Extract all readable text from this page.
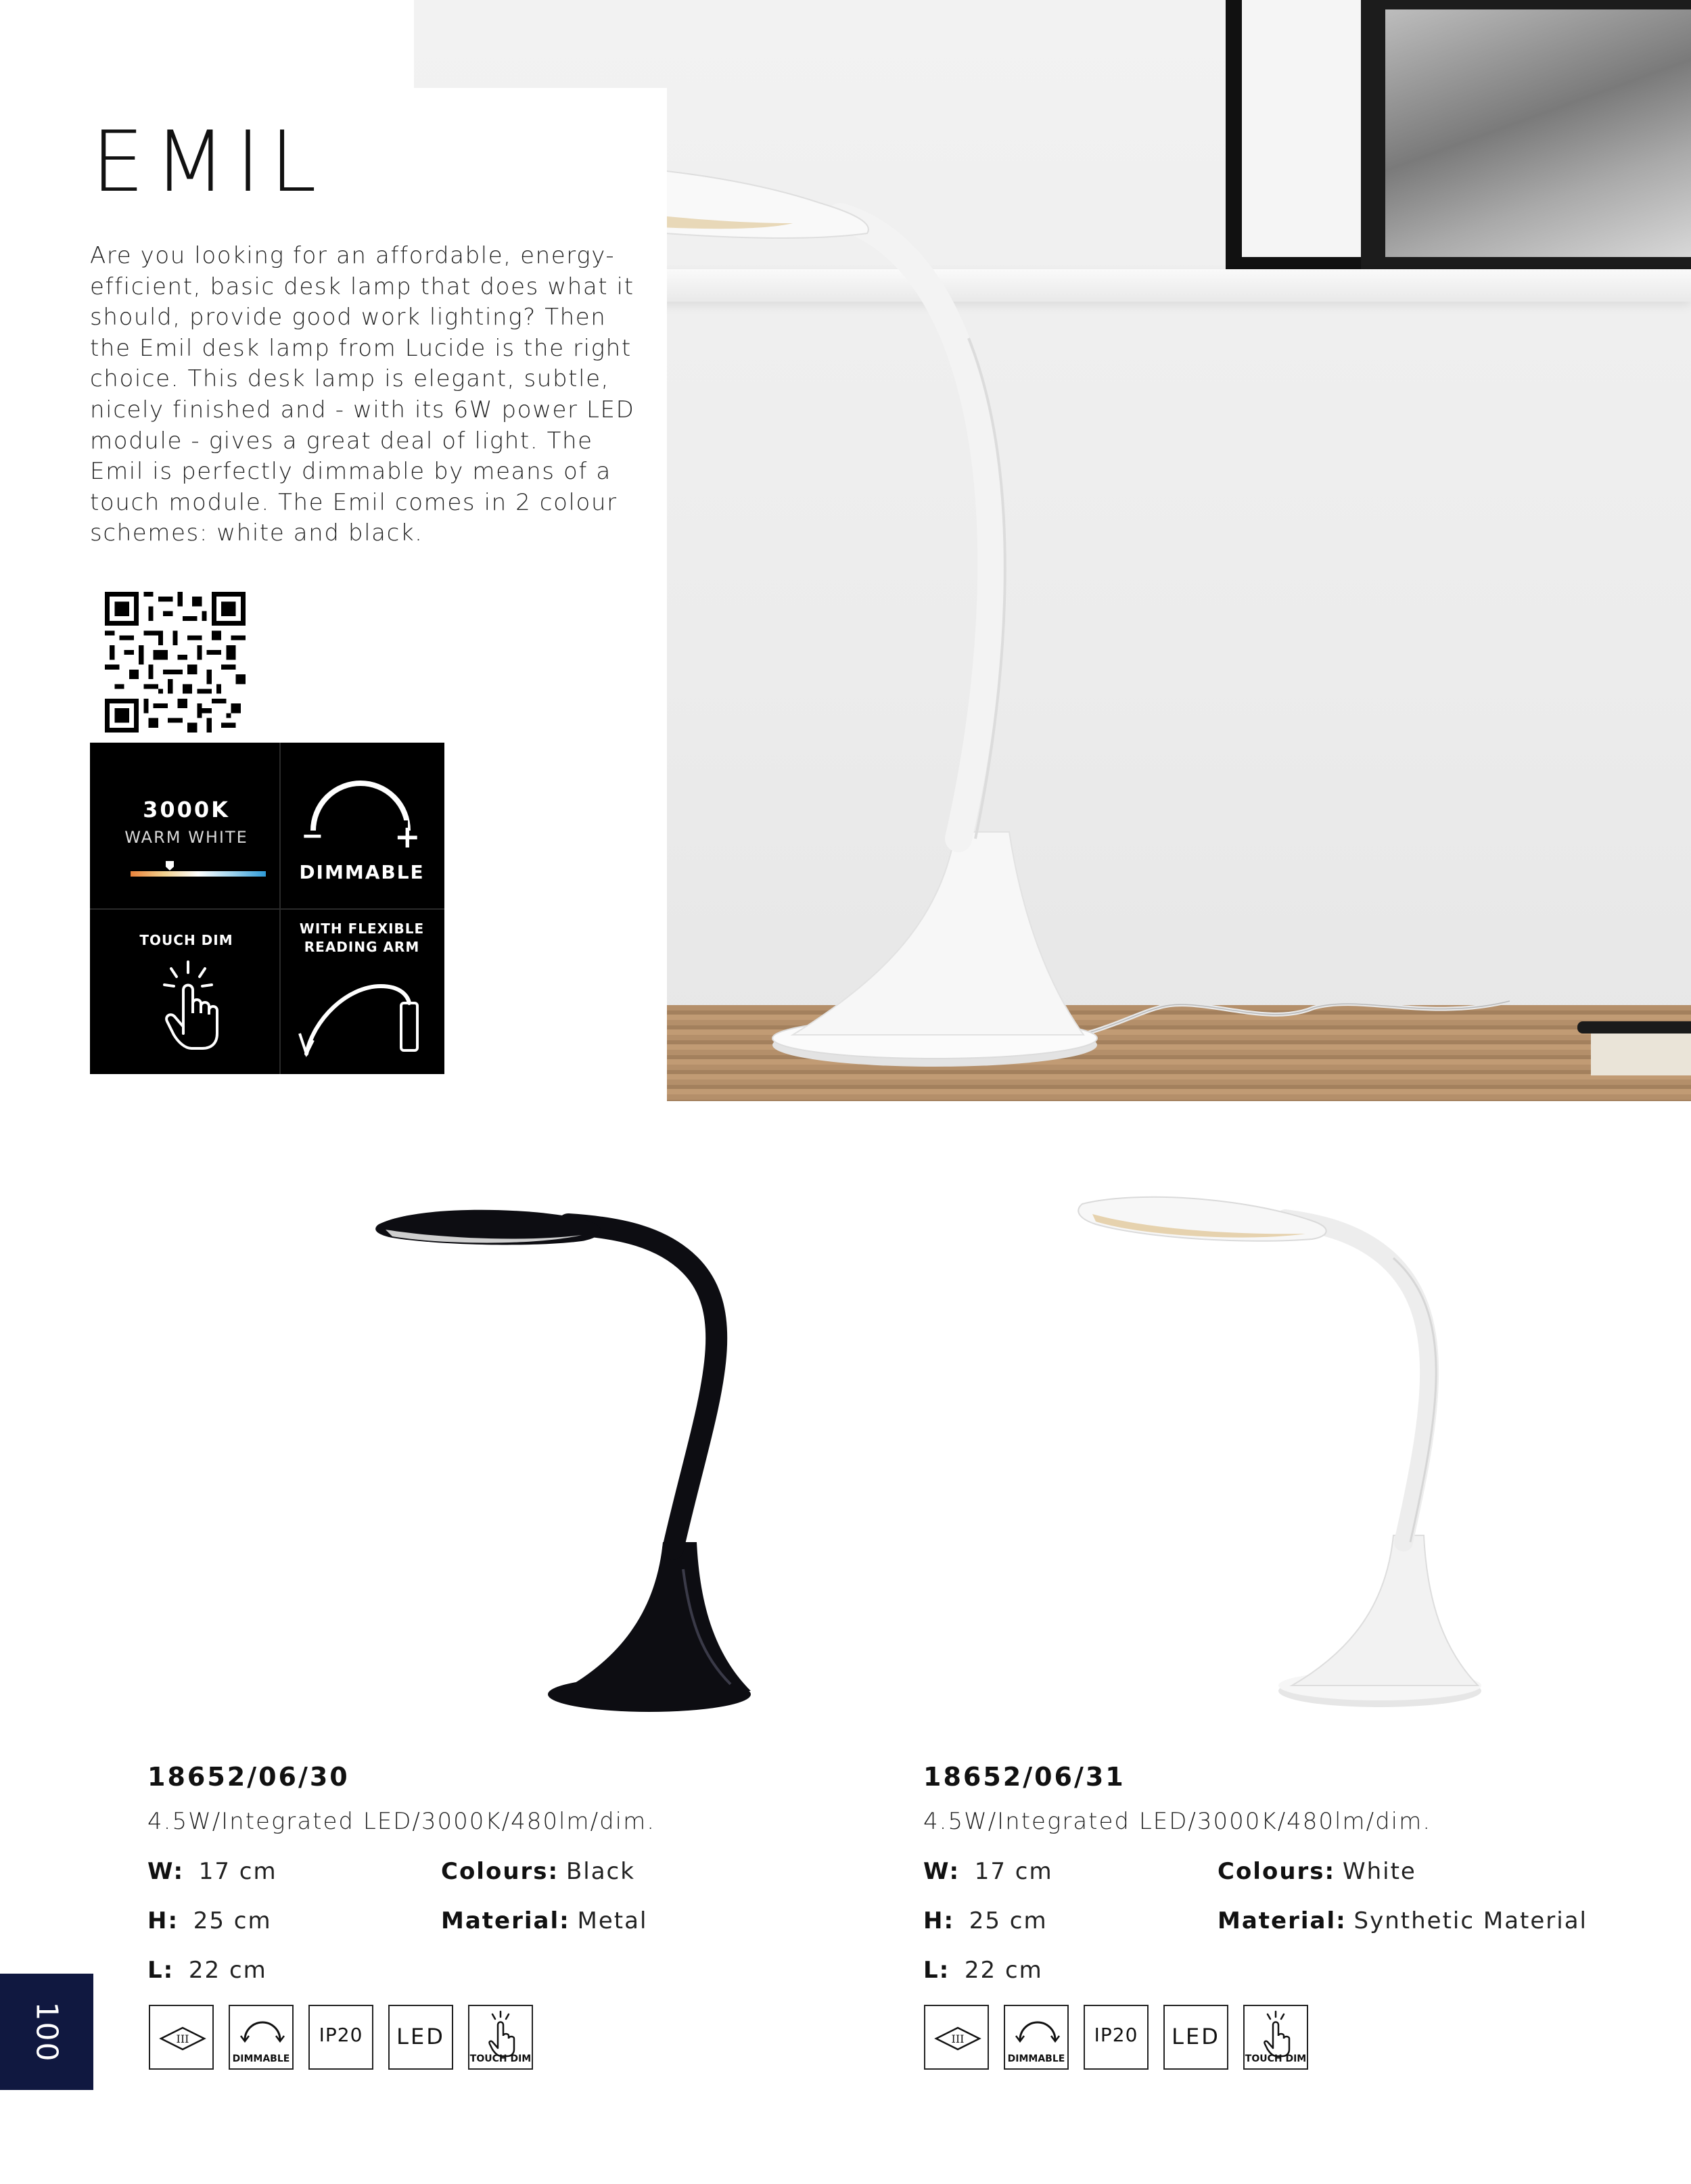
EMIL
Are you looking for an affordable, energy-efficient, basic desk lamp that does what it should, provide good work lighting? Then the Emil desk lamp from Lucide is the right choice. This desk lamp is elegant, subtle, nicely finished and - with its 6W power LED module - gives a great deal of light. The Emil is perfectly dimmable by means of a touch module. The Emil comes in 2 colour schemes: white and black.
3000K
WARM WHITE	− +
DIMMABLE
TOUCH DIM
WITH FLEXIBLE
READING ARM
18652/06/30
4.5W/Integrated LED/3000K/480lm/dim.
W: 17 cm
H: 25 cm
L: 22 cm
Colours: Black
Material: Metal
III
DIMMABLE
IP20	LED
TOUCH DIM
18652/06/31
4.5W/Integrated LED/3000K/480lm/dim.
W: 17 cm
H: 25 cm
L: 22 cm
Colours: White
Material: Synthetic Material
III
DIMMABLE
IP20	LED
TOUCH DIM
100
